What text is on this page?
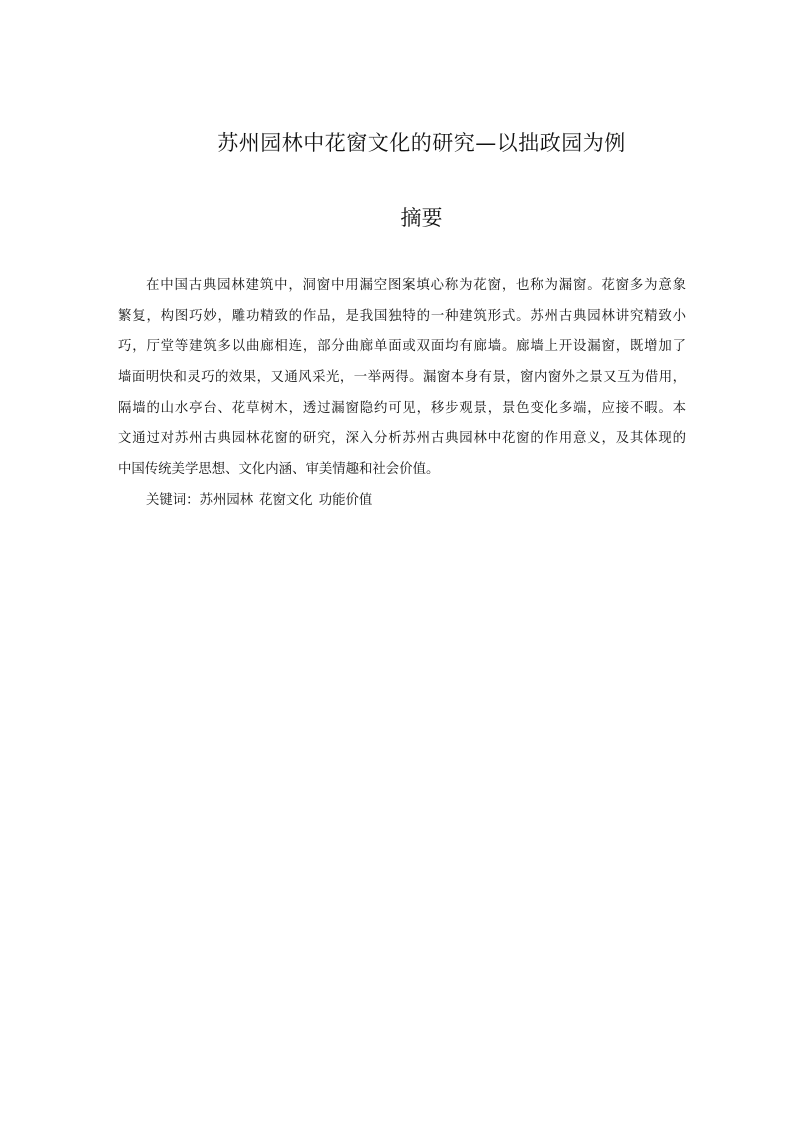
苏州园林中花窗文化的研究—以拙政园为例
摘要
在中国古典园林建筑中，洞窗中用漏空图案填心称为花窗，也称为漏窗。花窗多为意象
繁复，构图巧妙，雕功精致的作品，是我国独特的一种建筑形式。苏州古典园林讲究精致小
巧，厅堂等建筑多以曲廊相连，部分曲廊单面或双面均有廊墙。廊墙上开设漏窗，既增加了
墙面明快和灵巧的效果，又通风采光，一举两得。漏窗本身有景，窗内窗外之景又互为借用，
隔墙的山水亭台、花草树木，透过漏窗隐约可见，移步观景，景色变化多端，应接不暇。本
文通过对苏州古典园林花窗的研究，深入分析苏州古典园林中花窗的作用意义，及其体现的
中国传统美学思想、文化内涵、审美情趣和社会价值。
关键词：苏州园林 花窗文化 功能价值
